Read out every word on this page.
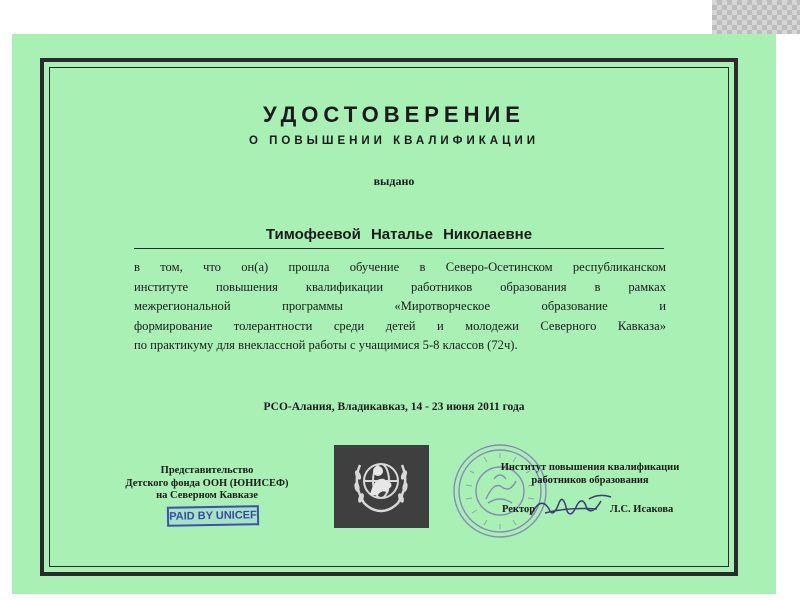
УДОСТОВЕРЕНИЕ
О ПОВЫШЕНИИ КВАЛИФИКАЦИИ
выдано
Тимофеевой Наталье Николаевне
в том, что он(а) прошла обучение в Северо-Осетинском республиканском
институте повышения квалификации работников образования в рамках
межрегиональной программы «Миротворческое образование и
формирование толерантности среди детей и молодежи Северного Кавказа»
по практикуму для внеклассной работы с учащимися 5-8 классов (72ч).
РСО-Алания, Владикавказ, 14 - 23 июня 2011 года
Представительство
Детского фонда ООН (ЮНИСЕФ)
на Северном Кавказе
PAID BY UNICEF
Институт повышения квалификации
работников образования
Ректор	Л.С. Исакова
